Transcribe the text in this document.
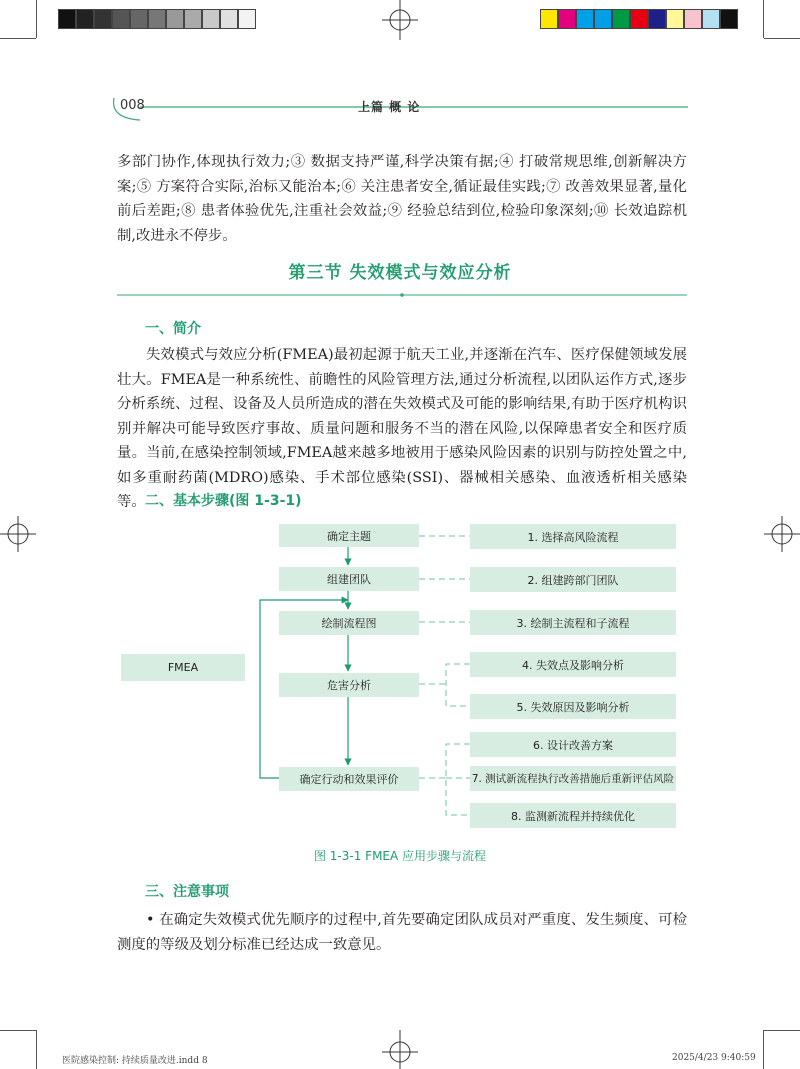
008	上篇 概 论
多部门协作,体现执行效力;③ 数据支持严谨,科学决策有据;④ 打破常规思维,创新解决方案;⑤ 方案符合实际,治标又能治本;⑥ 关注患者安全,循证最佳实践;⑦ 改善效果显著,量化前后差距;⑧ 患者体验优先,注重社会效益;⑨ 经验总结到位,检验印象深刻;⑩ 长效追踪机制,改进永不停步。
第三节 失效模式与效应分析
一、简介
失效模式与效应分析(FMEA)最初起源于航天工业,并逐渐在汽车、医疗保健领域发展壮大。FMEA是一种系统性、前瞻性的风险管理方法,通过分析流程,以团队运作方式,逐步分析系统、过程、设备及人员所造成的潜在失效模式及可能的影响结果,有助于医疗机构识别并解决可能导致医疗事故、质量问题和服务不当的潜在风险,以保障患者安全和医疗质量。当前,在感染控制领域,FMEA越来越多地被用于感染风险因素的识别与防控处置之中,如多重耐药菌(MDRO)感染、手术部位感染(SSI)、器械相关感染、血液透析相关感染等。 二、基本步骤(图 1-3-1)
FMEA
确定主题
组建团队
绘制流程图
危害分析
确定行动和效果评价
1. 选择高风险流程
2. 组建跨部门团队
3. 绘制主流程和子流程
4. 失效点及影响分析
5. 失效原因及影响分析
6. 设计改善方案
7. 测试新流程执行改善措施后重新评估风险
8. 监测新流程并持续优化
图 1-3-1 FMEA 应用步骤与流程
三、注意事项
• 在确定失效模式优先顺序的过程中,首先要确定团队成员对严重度、发生频度、可检测度的等级及划分标准已经达成一致意见。
医院感染控制: 持续质量改进.indd 8	2025/4/23 9:40:59
